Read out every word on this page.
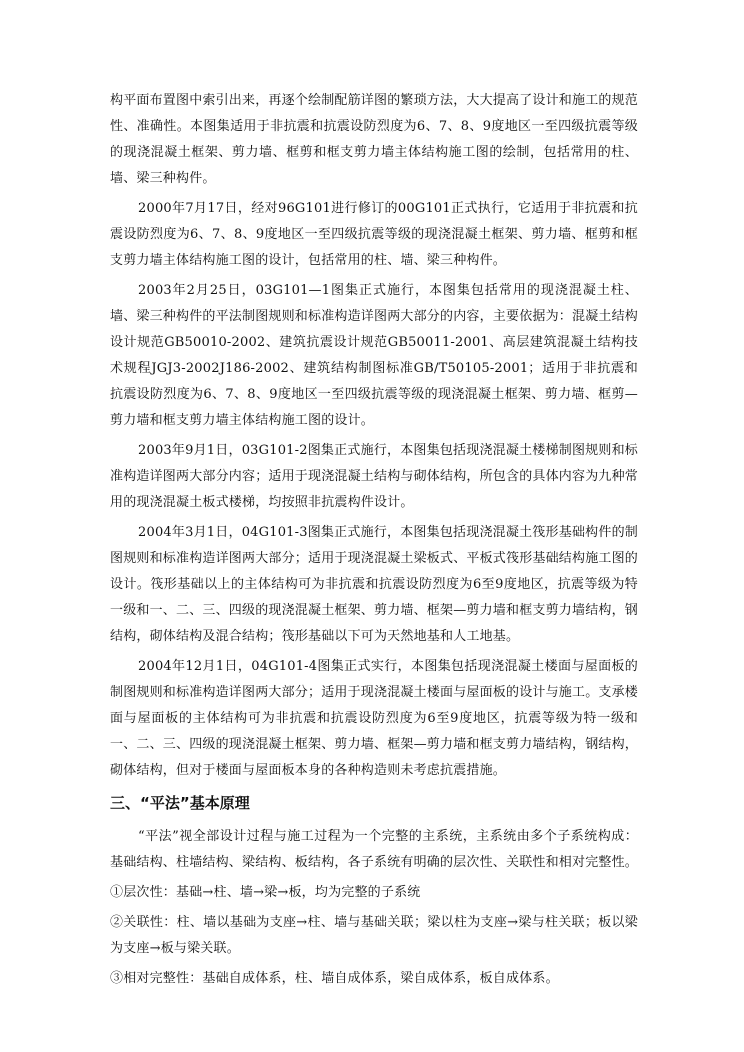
构平面布置图中索引出来，再逐个绘制配筋详图的繁琐方法，大大提高了设计和施工的规范性、准确性。本图集适用于非抗震和抗震设防烈度为6、7、8、9度地区一至四级抗震等级的现浇混凝土框架、剪力墙、框剪和框支剪力墙主体结构施工图的绘制，包括常用的柱、墙、梁三种构件。

2000年7月17日，经对96G101进行修订的00G101正式执行，它适用于非抗震和抗震设防烈度为6、7、8、9度地区一至四级抗震等级的现浇混凝土框架、剪力墙、框剪和框支剪力墙主体结构施工图的设计，包括常用的柱、墙、梁三种构件。

2003年2月25日，03G101—1图集正式施行，本图集包括常用的现浇混凝土柱、墙、梁三种构件的平法制图规则和标准构造详图两大部分的内容，主要依据为：混凝土结构设计规范GB50010-2002、建筑抗震设计规范GB50011-2001、高层建筑混凝土结构技术规程JGJ3-2002J186-2002、建筑结构制图标准GB/T50105-2001；适用于非抗震和抗震设防烈度为6、7、8、9度地区一至四级抗震等级的现浇混凝土框架、剪力墙、框剪—剪力墙和框支剪力墙主体结构施工图的设计。

2003年9月1日，03G101-2图集正式施行，本图集包括现浇混凝土楼梯制图规则和标准构造详图两大部分内容；适用于现浇混凝土结构与砌体结构，所包含的具体内容为九种常用的现浇混凝土板式楼梯，均按照非抗震构件设计。

2004年3月1日，04G101-3图集正式施行，本图集包括现浇混凝土筏形基础构件的制图规则和标准构造详图两大部分；适用于现浇混凝土梁板式、平板式筏形基础结构施工图的设计。筏形基础以上的主体结构可为非抗震和抗震设防烈度为6至9度地区，抗震等级为特一级和一、二、三、四级的现浇混凝土框架、剪力墙、框架—剪力墙和框支剪力墙结构，钢结构，砌体结构及混合结构；筏形基础以下可为天然地基和人工地基。

2004年12月1日，04G101-4图集正式实行，本图集包括现浇混凝土楼面与屋面板的制图规则和标准构造详图两大部分；适用于现浇混凝土楼面与屋面板的设计与施工。支承楼面与屋面板的主体结构可为非抗震和抗震设防烈度为6至9度地区，抗震等级为特一级和一、二、三、四级的现浇混凝土框架、剪力墙、框架—剪力墙和框支剪力墙结构，钢结构，砌体结构，但对于楼面与屋面板本身的各种构造则未考虑抗震措施。

三、“平法”基本原理

“平法”视全部设计过程与施工过程为一个完整的主系统，主系统由多个子系统构成：基础结构、柱墙结构、梁结构、板结构，各子系统有明确的层次性、关联性和相对完整性。

①层次性：基础→柱、墙→梁→板，均为完整的子系统

②关联性：柱、墙以基础为支座→柱、墙与基础关联；梁以柱为支座→梁与柱关联；板以梁为支座→板与梁关联。

③相对完整性：基础自成体系，柱、墙自成体系，梁自成体系，板自成体系。
